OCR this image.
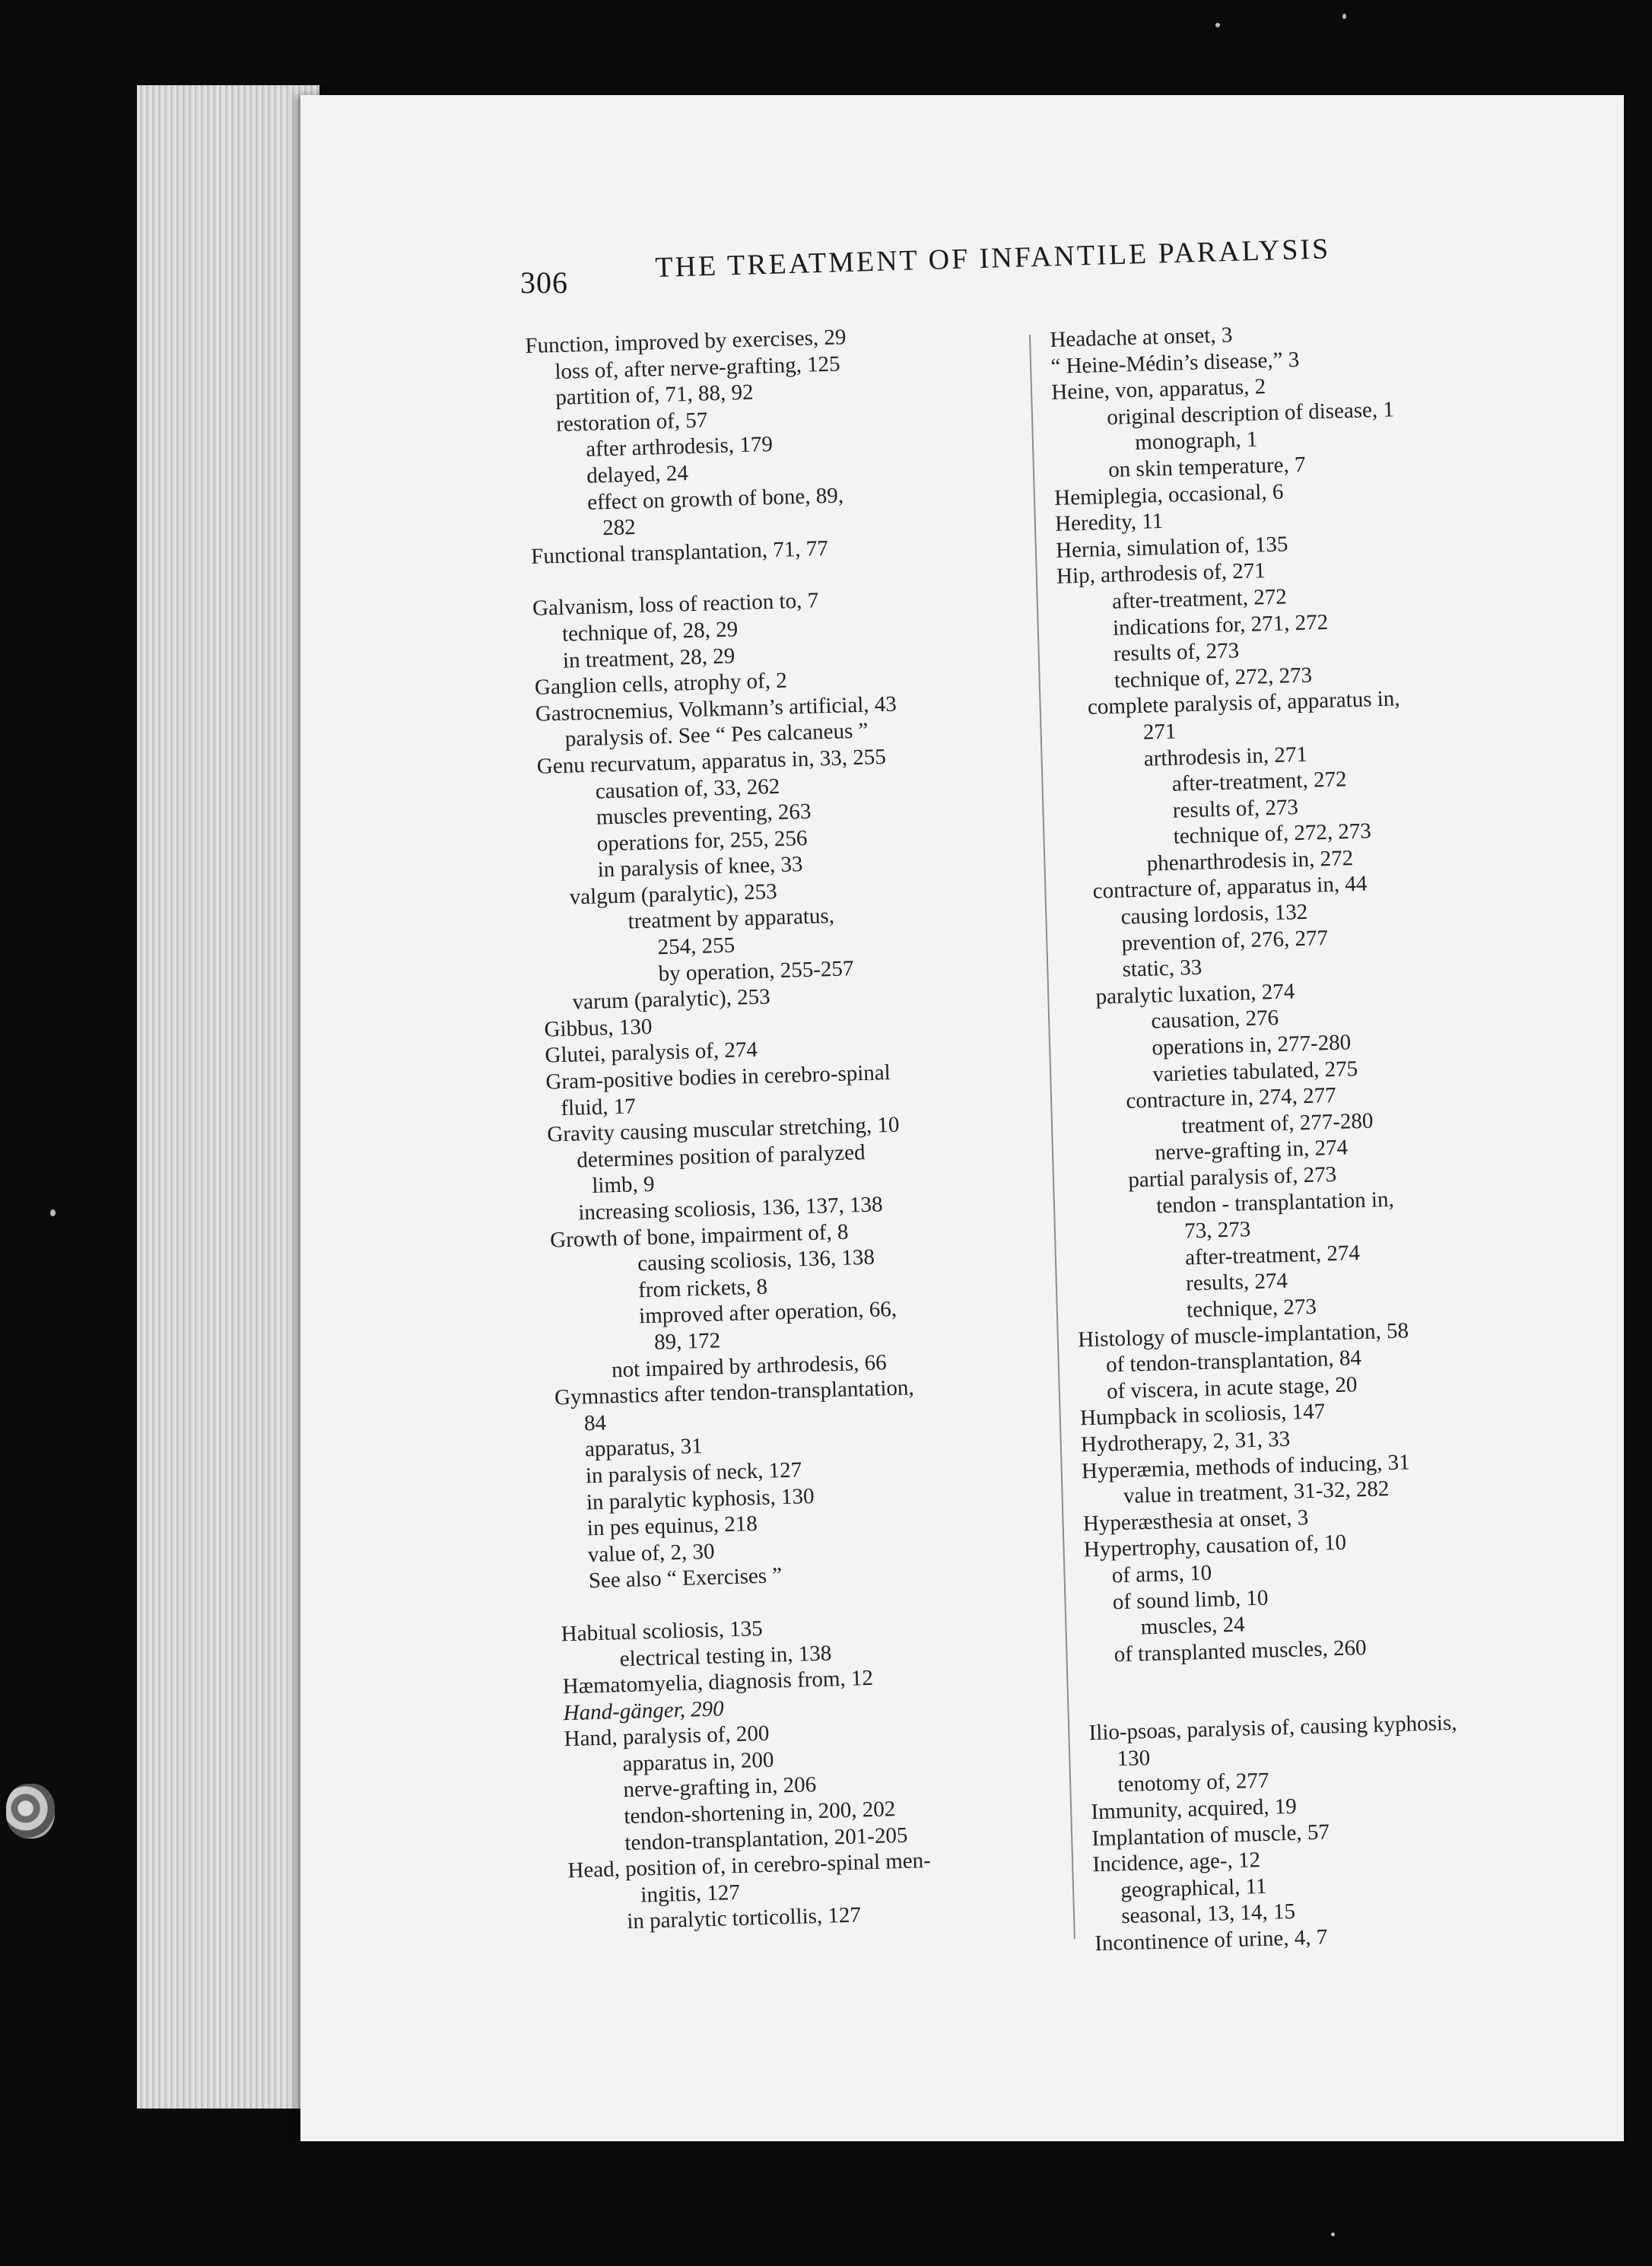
306	THE TREATMENT OF INFANTILE PARALYSIS
Function, improved by exercises, 29
loss of, after nerve-grafting, 125
partition of, 71, 88, 92
restoration of, 57
after arthrodesis, 179
delayed, 24
effect on growth of bone, 89,
282
Functional transplantation, 71, 77
Galvanism, loss of reaction to, 7
technique of, 28, 29
in treatment, 28, 29
Ganglion cells, atrophy of, 2
Gastrocnemius, Volkmann’s artificial, 43
paralysis of. See “ Pes calcaneus ”
Genu recurvatum, apparatus in, 33, 255
causation of, 33, 262
muscles preventing, 263
operations for, 255, 256
in paralysis of knee, 33
valgum (paralytic), 253
treatment by apparatus,
254, 255
by operation, 255-257
varum (paralytic), 253
Gibbus, 130
Glutei, paralysis of, 274
Gram-positive bodies in cerebro-spinal
fluid, 17
Gravity causing muscular stretching, 10
determines position of paralyzed
limb, 9
increasing scoliosis, 136, 137, 138
Growth of bone, impairment of, 8
causing scoliosis, 136, 138
from rickets, 8
improved after operation, 66,
89, 172
not impaired by arthrodesis, 66
Gymnastics after tendon-transplantation,
84
apparatus, 31
in paralysis of neck, 127
in paralytic kyphosis, 130
in pes equinus, 218
value of, 2, 30
See also “ Exercises ”
Habitual scoliosis, 135
electrical testing in, 138
Hæmatomyelia, diagnosis from, 12
Hand-gänger, 290
Hand, paralysis of, 200
apparatus in, 200
nerve-grafting in, 206
tendon-shortening in, 200, 202
tendon-transplantation, 201-205
Head, position of, in cerebro-spinal men-
ingitis, 127
in paralytic torticollis, 127
Headache at onset, 3
“ Heine-Médin’s disease,” 3
Heine, von, apparatus, 2
original description of disease, 1
monograph, 1
on skin temperature, 7
Hemiplegia, occasional, 6
Heredity, 11
Hernia, simulation of, 135
Hip, arthrodesis of, 271
after-treatment, 272
indications for, 271, 272
results of, 273
technique of, 272, 273
complete paralysis of, apparatus in,
271
arthrodesis in, 271
after-treatment, 272
results of, 273
technique of, 272, 273
phenarthrodesis in, 272
contracture of, apparatus in, 44
causing lordosis, 132
prevention of, 276, 277
static, 33
paralytic luxation, 274
causation, 276
operations in, 277-280
varieties tabulated, 275
contracture in, 274, 277
treatment of, 277-280
nerve-grafting in, 274
partial paralysis of, 273
tendon - transplantation in,
73, 273
after-treatment, 274
results, 274
technique, 273
Histology of muscle-implantation, 58
of tendon-transplantation, 84
of viscera, in acute stage, 20
Humpback in scoliosis, 147
Hydrotherapy, 2, 31, 33
Hyperæmia, methods of inducing, 31
value in treatment, 31-32, 282
Hyperæsthesia at onset, 3
Hypertrophy, causation of, 10
of arms, 10
of sound limb, 10
muscles, 24
of transplanted muscles, 260
Ilio-psoas, paralysis of, causing kyphosis,
130
tenotomy of, 277
Immunity, acquired, 19
Implantation of muscle, 57
Incidence, age-, 12
geographical, 11
seasonal, 13, 14, 15
Incontinence of urine, 4, 7
